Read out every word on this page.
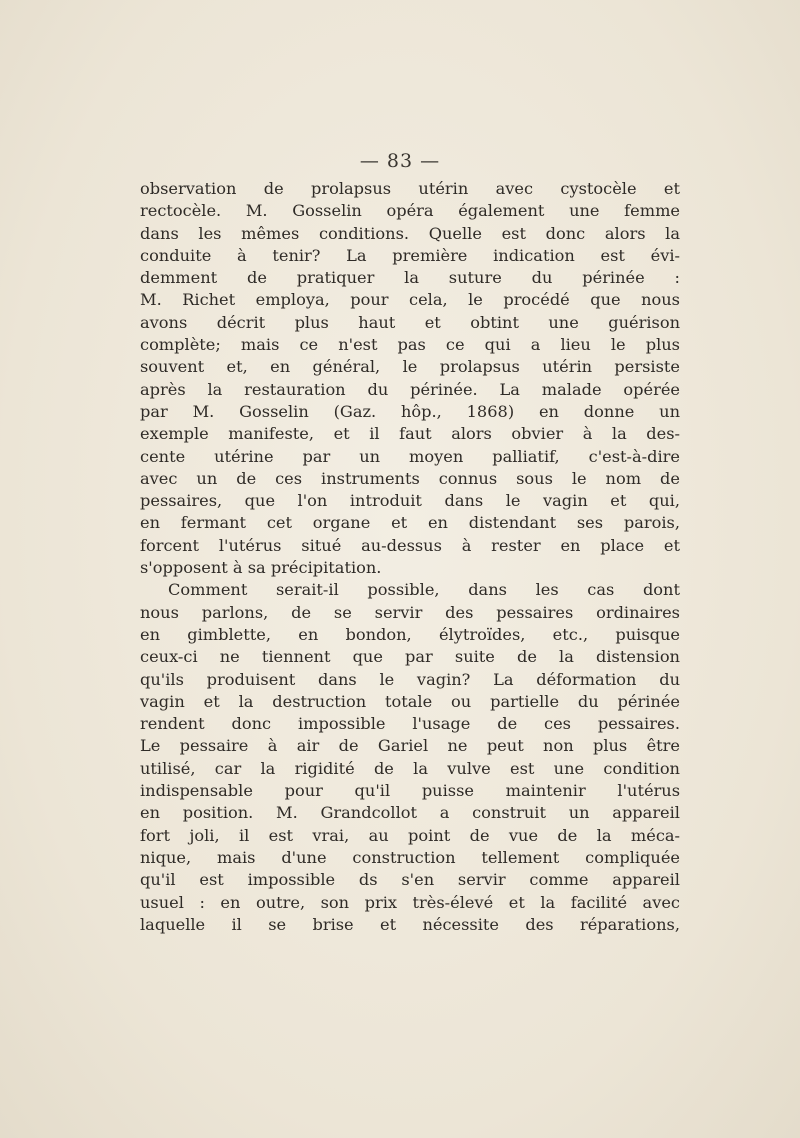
— 83 —
observation de prolapsus utérin avec cystocèle et
rectocèle. M. Gosselin opéra également une femme
dans les mêmes conditions. Quelle est donc alors la
conduite à tenir? La première indication est évi-
demment de pratiquer la suture du périnée :
M. Richet employa, pour cela, le procédé que nous
avons décrit plus haut et obtint une guérison
complète; mais ce n'est pas ce qui a lieu le plus
souvent et, en général, le prolapsus utérin persiste
après la restauration du périnée. La malade opérée
par M. Gosselin (Gaz. hôp., 1868) en donne un
exemple manifeste, et il faut alors obvier à la des-
cente utérine par un moyen palliatif, c'est-à-dire
avec un de ces instruments connus sous le nom de
pessaires, que l'on introduit dans le vagin et qui,
en fermant cet organe et en distendant ses parois,
forcent l'utérus situé au-dessus à rester en place et
s'opposent à sa précipitation.
Comment serait-il possible, dans les cas dont
nous parlons, de se servir des pessaires ordinaires
en gimblette, en bondon, élytroïdes, etc., puisque
ceux-ci ne tiennent que par suite de la distension
qu'ils produisent dans le vagin? La déformation du
vagin et la destruction totale ou partielle du périnée
rendent donc impossible l'usage de ces pessaires.
Le pessaire à air de Gariel ne peut non plus être
utilisé, car la rigidité de la vulve est une condition
indispensable pour qu'il puisse maintenir l'utérus
en position. M. Grandcollot a construit un appareil
fort joli, il est vrai, au point de vue de la méca-
nique, mais d'une construction tellement compliquée
qu'il est impossible ds s'en servir comme appareil
usuel : en outre, son prix très-élevé et la facilité avec
laquelle il se brise et nécessite des réparations,
